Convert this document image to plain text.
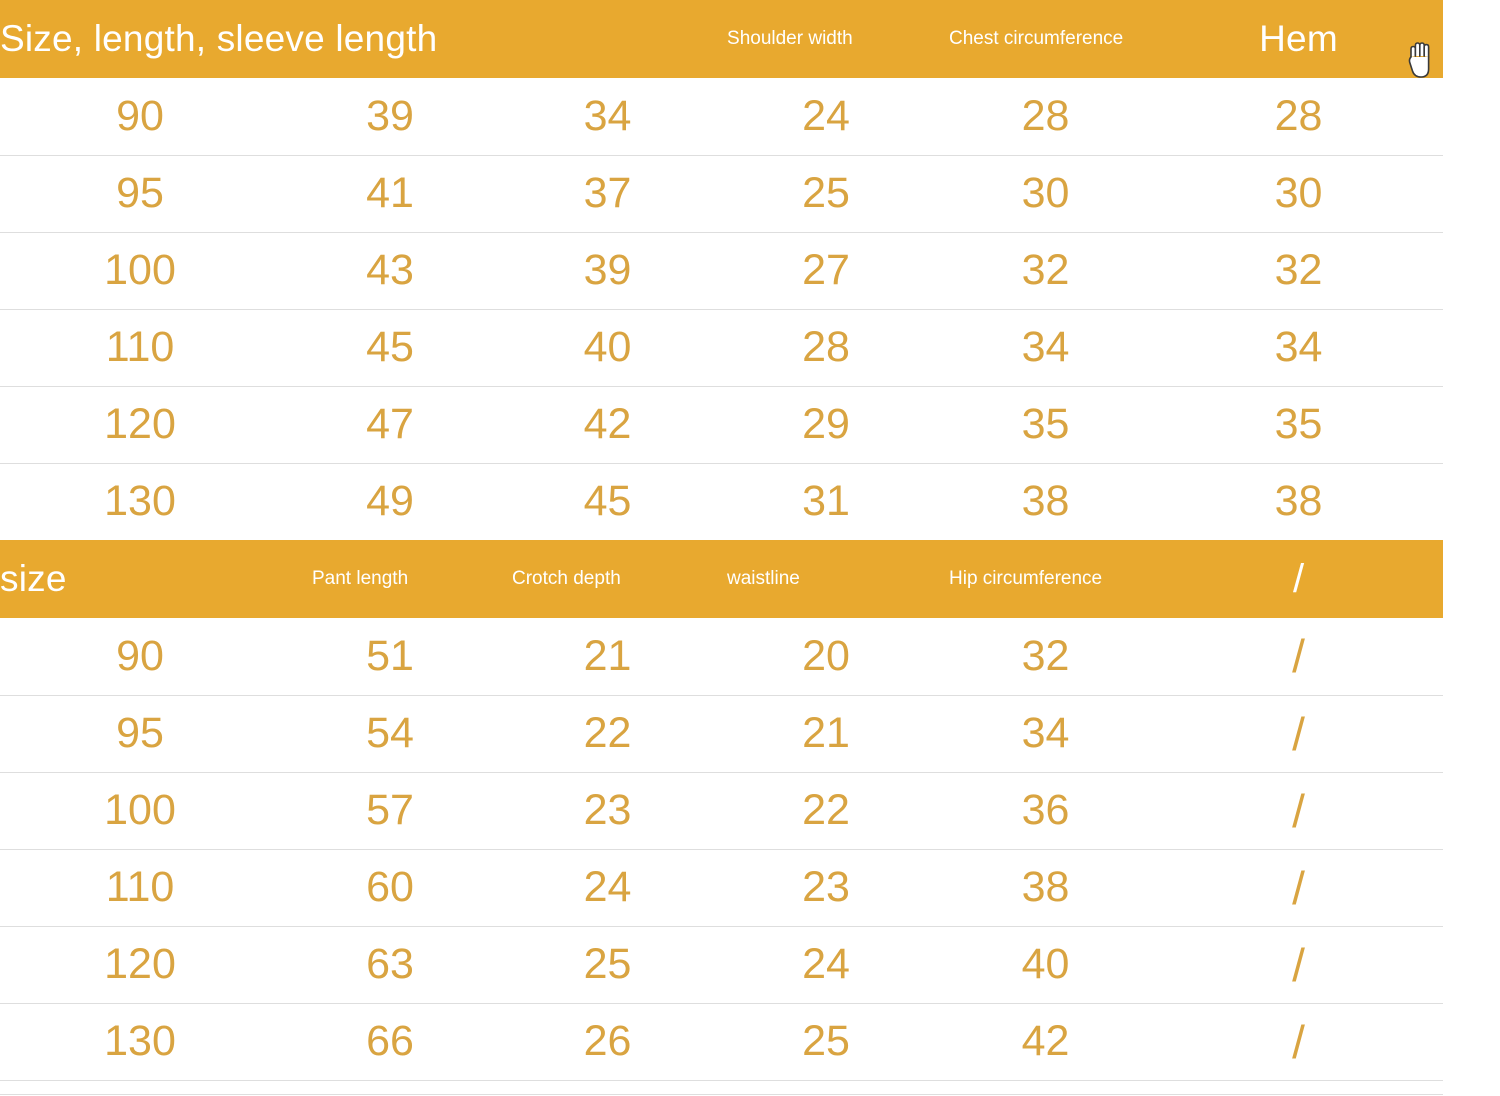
Size, length, sleeve length			Shoulder width	Chest circumference	Hem
90	39	34	24	28	28
95	41	37	25	30	30
100	43	39	27	32	32
110	45	40	28	34	34
120	47	42	29	35	35
130	49	45	31	38	38
size	Pant length	Crotch depth	waistline	Hip circumference	/
90	51	21	20	32	/
95	54	22	21	34	/
100	57	23	22	36	/
110	60	24	23	38	/
120	63	25	24	40	/
130	66	26	25	42	/
